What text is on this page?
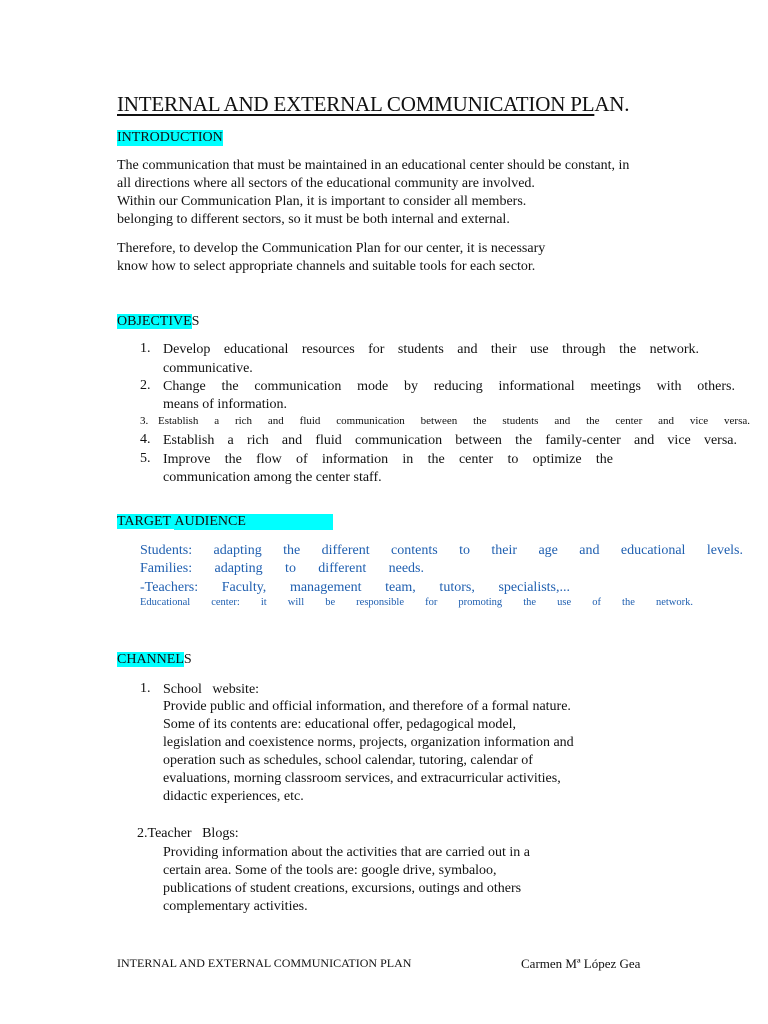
INTERNAL AND EXTERNAL COMMUNICATION PLAN.
INTRODUCTION
The communication that must be maintained in an educational center should be constant, in
all directions where all sectors of the educational community are involved.
Within our Communication Plan, it is important to consider all members.
belonging to different sectors, so it must be both internal and external.
Therefore, to develop the Communication Plan for our center, it is necessary
know how to select appropriate channels and suitable tools for each sector.
OBJECTIVES
1. Develop educational resources for students and their use through the network.
communicative.
2. Change the communication mode by reducing informational meetings with others.
means of information.
3. Establish a rich and fluid communication between the students and the center and vice versa.
4. Establish a rich and fluid communication between the family-center and vice versa.
5. Improve the flow of information in the center to optimize the
communication among the center staff.
TARGET AUDIENCE
Students: adapting the different contents to their age and educational levels.
Families: adapting to different needs.
-Teachers: Faculty, management team, tutors, specialists,...
Educational center: it will be responsible for promoting the use of the network.
CHANNELS
1. School   website:
Provide public and official information, and therefore of a formal nature.
Some of its contents are: educational offer, pedagogical model,
legislation and coexistence norms, projects, organization information and
operation such as schedules, school calendar, tutoring, calendar of
evaluations, morning classroom services, and extracurricular activities,
didactic experiences, etc.
2.Teacher   Blogs:
Providing information about the activities that are carried out in a
certain area. Some of the tools are: google drive, symbaloo,
publications of student creations, excursions, outings and others
complementary activities.
INTERNAL AND EXTERNAL COMMUNICATION PLAN	Carmen Mª López Gea
